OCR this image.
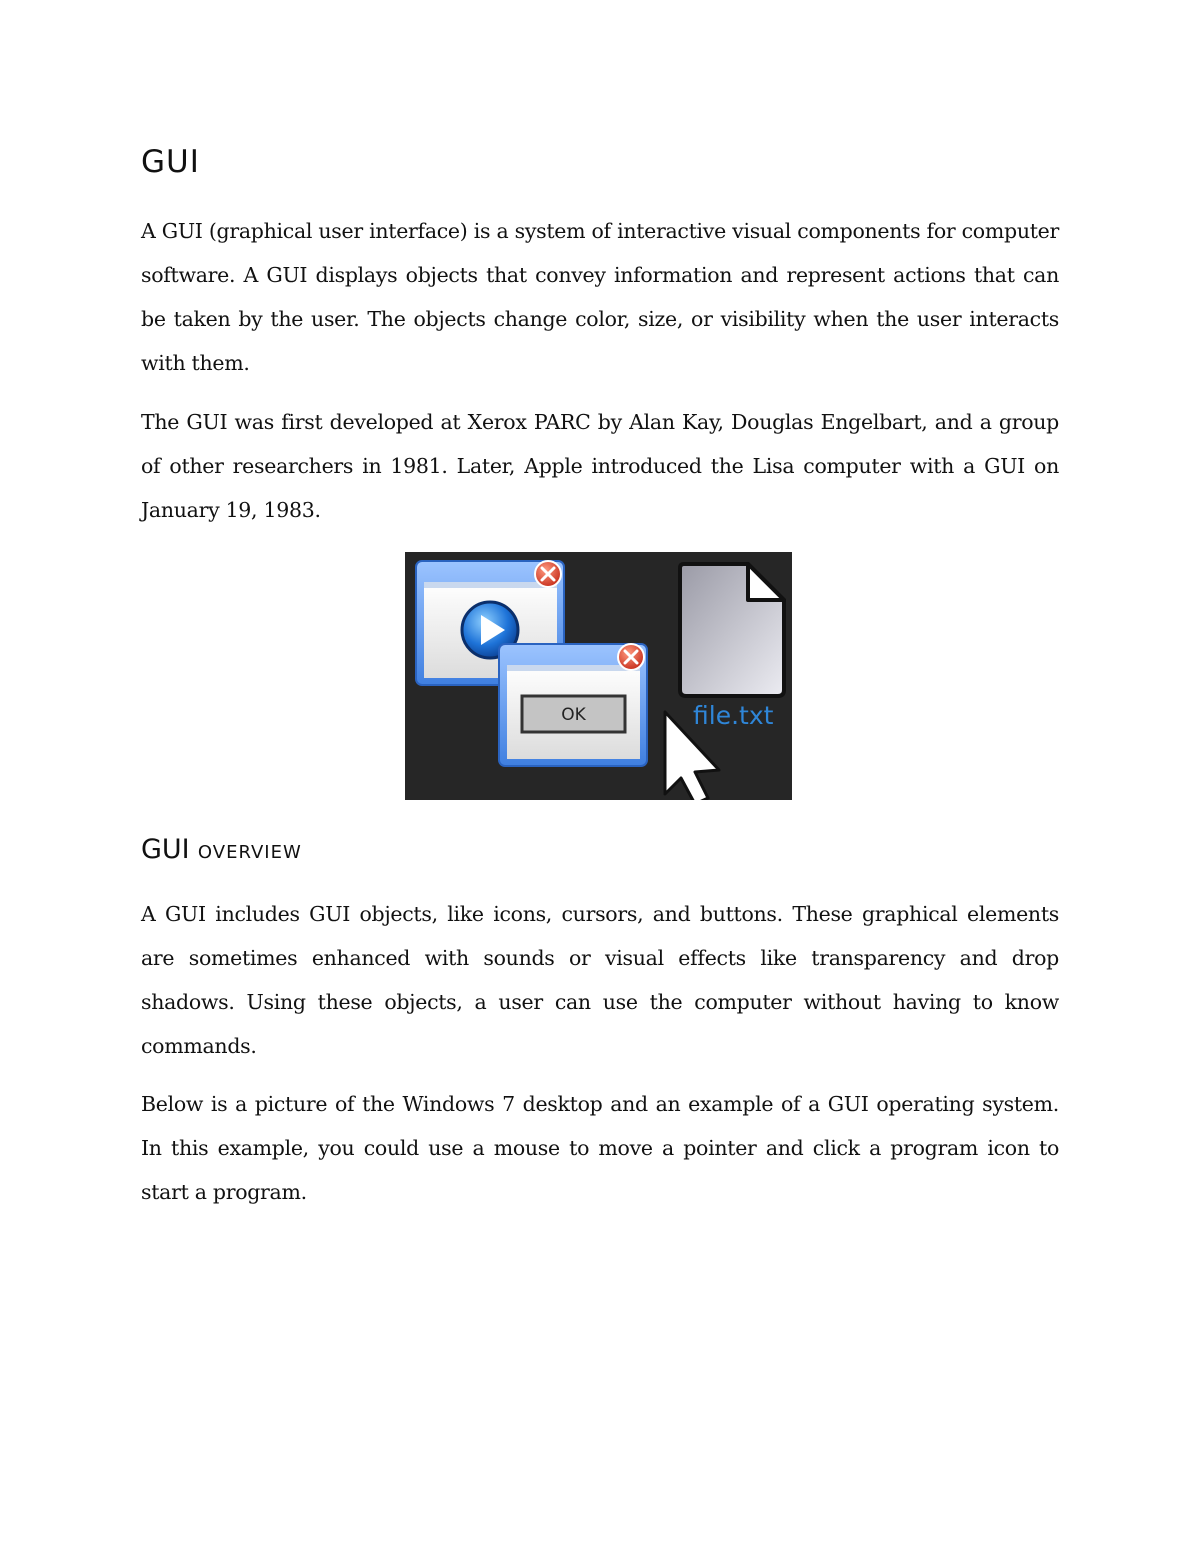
GUI

A GUI (graphical user interface) is a system of interactive visual components for computer software. A GUI displays objects that convey information and represent actions that can be taken by the user. The objects change color, size, or visibility when the user interacts with them.

The GUI was first developed at Xerox PARC by Alan Kay, Douglas Engelbart, and a group of other researchers in 1981. Later, Apple introduced the Lisa computer with a GUI on January 19, 1983.

GUI overview

A GUI includes GUI objects, like icons, cursors, and buttons. These graphical elements are sometimes enhanced with sounds or visual effects like transparency and drop shadows. Using these objects, a user can use the computer without having to know commands.

Below is a picture of the Windows 7 desktop and an example of a GUI operating system. In this example, you could use a mouse to move a pointer and click a program icon to start a program.

OK	file.txt
